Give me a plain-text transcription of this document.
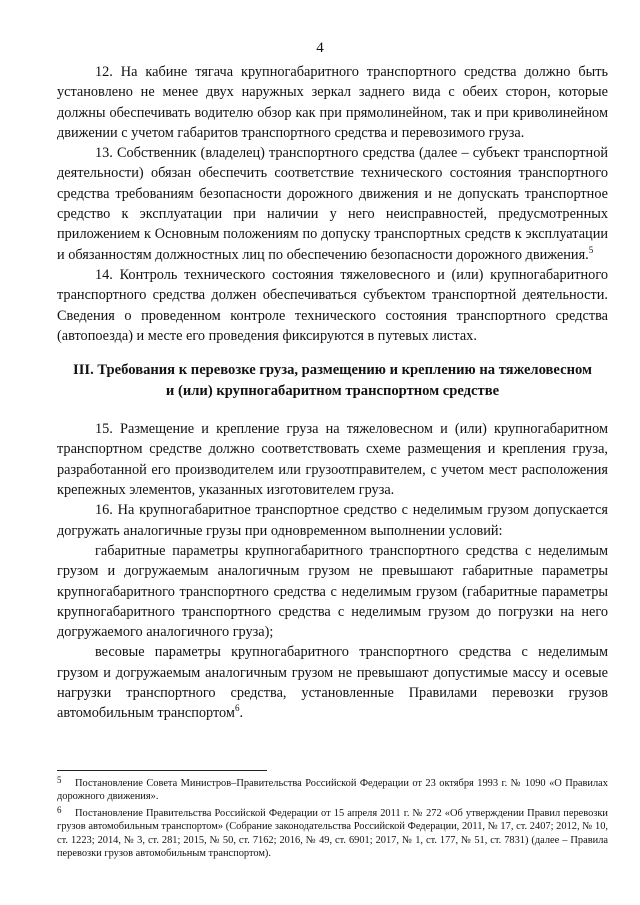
4

12. На кабине тягача крупногабаритного транспортного средства должно быть установлено не менее двух наружных зеркал заднего вида с обеих сторон, которые должны обеспечивать водителю обзор как при прямолинейном, так и при криволинейном движении с учетом габаритов транспортного средства и перевозимого груза.

13. Собственник (владелец) транспортного средства (далее – субъект транспортной деятельности) обязан обеспечить соответствие технического состояния транспортного средства требованиям безопасности дорожного движения и не допускать транспортное средство к эксплуатации при наличии у него неисправностей, предусмотренных приложением к Основным положениям по допуску транспортных средств к эксплуатации и обязанностям должностных лиц по обеспечению безопасности дорожного движения.$^5$

14. Контроль технического состояния тяжеловесного и (или) крупногабаритного транспортного средства должен обеспечиваться субъектом транспортной деятельности. Сведения о проведенном контроле технического состояния транспортного средства (автопоезда) и месте его проведения фиксируются в путевых листах.

III. Требования к перевозке груза, размещению и креплению на тяжеловесном
и (или) крупногабаритном транспортном средстве

15. Размещение и крепление груза на тяжеловесном и (или) крупногабаритном транспортном средстве должно соответствовать схеме размещения и крепления груза, разработанной его производителем или грузоотправителем, с учетом мест расположения крепежных элементов, указанных изготовителем груза.

16. На крупногабаритное транспортное средство с неделимым грузом допускается догружать аналогичные грузы при одновременном выполнении условий:

габаритные параметры крупногабаритного транспортного средства с неделимым грузом и догружаемым аналогичным грузом не превышают габаритные параметры крупногабаритного транспортного средства с неделимым грузом (габаритные параметры крупногабаритного транспортного средства с неделимым грузом до погрузки на него догружаемого аналогичного груза);

весовые параметры крупногабаритного транспортного средства с неделимым грузом и догружаемым аналогичным грузом не превышают допустимые массу и осевые нагрузки транспортного средства, установленные Правилами перевозки грузов автомобильным транспортом$^6$.

5 Постановление Совета Министров–Правительства Российской Федерации от 23 октября 1993 г. № 1090 «О Правилах дорожного движения».

6 Постановление Правительства Российской Федерации от 15 апреля 2011 г. № 272 «Об утверждении Правил перевозки грузов автомобильным транспортом» (Собрание законодательства Российской Федерации, 2011, № 17, ст. 2407; 2012, № 10, ст. 1223; 2014, № 3, ст. 281; 2015, № 50, ст. 7162; 2016, № 49, ст. 6901; 2017, № 1, ст. 177, № 51, ст. 7831) (далее – Правила перевозки грузов автомобильным транспортом).
